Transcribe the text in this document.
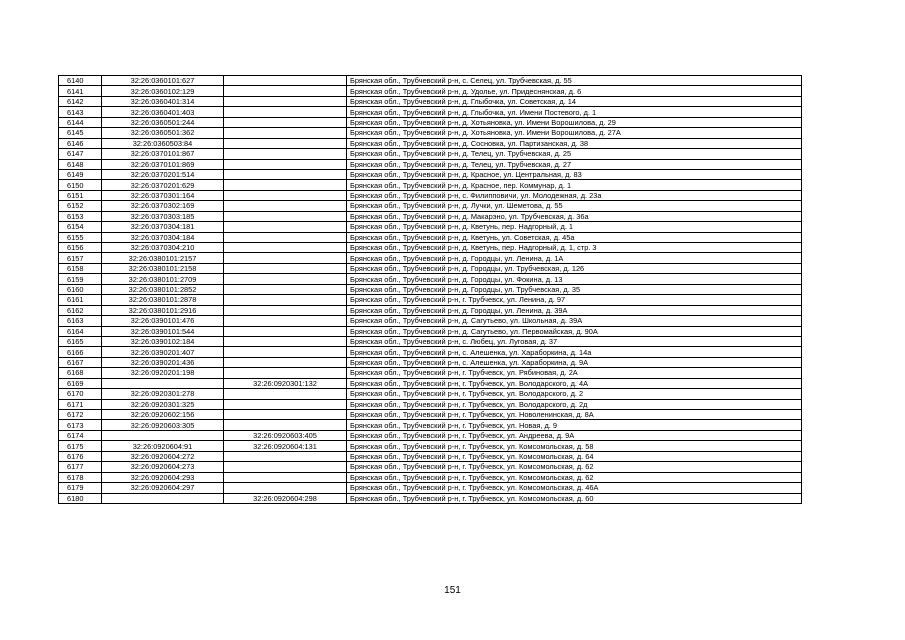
6140	32:26:0360101:627		Брянская обл., Трубчевский р-н, с. Селец, ул. Трубчевская, д. 55
6141	32:26:0360102:129		Брянская обл., Трубчевский р-н, д. Удолье, ул. Придеснянская, д. 6
6142	32:26:0360401:314		Брянская обл., Трубчевский р-н, д. Глыбочка, ул. Советская, д. 14
6143	32:26:0360401:403		Брянская обл., Трубчевский р-н, д. Глыбочка, ул. Имени Постевого, д. 1
6144	32:26:0360501:244		Брянская обл., Трубчевский р-н, д. Хотьяновка, ул. Имени Ворошилова, д. 29
6145	32:26:0360501:362		Брянская обл., Трубчевский р-н, д. Хотьяновка, ул. Имени Ворошилова, д. 27А
6146	32:26:0360503:84		Брянская обл., Трубчевский р-н, д. Сосновка, ул. Партизанская, д. 38
6147	32:26:0370101:867		Брянская обл., Трубчевский р-н, д. Телец, ул. Трубчевская, д. 25
6148	32:26:0370101:869		Брянская обл., Трубчевский р-н, д. Телец, ул. Трубчевская, д. 27
6149	32:26:0370201:514		Брянская обл., Трубчевский р-н, д. Красное, ул. Центральная, д. 83
6150	32:26:0370201:629		Брянская обл., Трубчевский р-н, д. Красное, пер. Коммунар, д. 1
6151	32:26:0370301:164		Брянская обл., Трубчевский р-н, с. Филипповичи, ул. Молодежная, д. 23а
6152	32:26:0370302:169		Брянская обл., Трубчевский р-н, д. Лучки, ул. Шеметова, д. 55
6153	32:26:0370303:185		Брянская обл., Трубчевский р-н, д. Макарэно, ул. Трубчевская, д. 36а
6154	32:26:0370304:181		Брянская обл., Трубчевский р-н, д. Кветунь, пер. Надгорный, д. 1
6155	32:26:0370304:184		Брянская обл., Трубчевский р-н, д. Кветунь, ул. Советская, д. 45а
6156	32:26:0370304:210		Брянская обл., Трубчевский р-н, д. Кветунь, пер. Надгорный, д. 1, стр. 3
6157	32:26:0380101:2157		Брянская обл., Трубчевский р-н, д. Городцы, ул. Ленина, д. 1А
6158	32:26:0380101:2158		Брянская обл., Трубчевский р-н, д. Городцы, ул. Трубчевская, д. 126
6159	32:26:0380101:2709		Брянская обл., Трубчевский р-н, д. Городцы, ул. Фокина, д. 13
6160	32:26:0380101:2852		Брянская обл., Трубчевский р-н, д. Городцы, ул. Трубчевская, д. 35
6161	32:26:0380101:2878		Брянская обл., Трубчевский р-н, г. Трубчевск, ул. Ленина, д. 97
6162	32:26:0380101:2916		Брянская обл., Трубчевский р-н, д. Городцы, ул. Ленина, д. 39А
6163	32:26:0390101:476		Брянская обл., Трубчевский р-н, д. Сагутьево, ул. Школьная, д. 39А
6164	32:26:0390101:544		Брянская обл., Трубчевский р-н, д. Сагутьево, ул. Первомайская, д. 90А
6165	32:26:0390102:184		Брянская обл., Трубчевский р-н, с. Любец, ул. Луговая, д. 37
6166	32:26:0390201:407		Брянская обл., Трубчевский р-н, с. Алешенка, ул. Хараборкина, д. 14а
6167	32:26:0390201:436		Брянская обл., Трубчевский р-н, с. Алешенка, ул. Хараборкина, д. 9А
6168	32:26:0920201:198		Брянская обл., Трубчевский р-н, г. Трубчевск, ул. Рябиновая, д. 2А
6169		32:26:0920301:132	Брянская обл., Трубчевский р-н, г. Трубчевск, ул. Володарского, д. 4А
6170	32:26:0920301:278		Брянская обл., Трубчевский р-н, г. Трубчевск, ул. Володарского, д. 2
6171	32:26:0920301:325		Брянская обл., Трубчевский р-н, г. Трубчевск, ул. Володарского, д. 2д
6172	32:26:0920602:156		Брянская обл., Трубчевский р-н, г. Трубчевск, ул. Новоленинская, д. 8А
6173	32:26:0920603:305		Брянская обл., Трубчевский р-н, г. Трубчевск, ул. Новая, д. 9
6174		32:26:0920603:405	Брянская обл., Трубчевский р-н, г. Трубчевск, ул. Андреева, д. 9А
6175	32:26:0920604:91	32:26:0920604:131	Брянская обл., Трубчевский р-н, г. Трубчевск, ул. Комсомольская, д. 58
6176	32:26:0920604:272		Брянская обл., Трубчевский р-н, г. Трубчевск, ул. Комсомольская, д. 64
6177	32:26:0920604:273		Брянская обл., Трубчевский р-н, г. Трубчевск, ул. Комсомольская, д. 62
6178	32:26:0920604:293		Брянская обл., Трубчевский р-н, г. Трубчевск, ул. Комсомольская, д. 62
6179	32:26:0920604:297		Брянская обл., Трубчевский р-н, г. Трубчевск, ул. Комсомольская, д. 46А
6180		32:26:0920604:298	Брянская обл., Трубчевский р-н, г. Трубчевск, ул. Комсомольская, д. 60
151
